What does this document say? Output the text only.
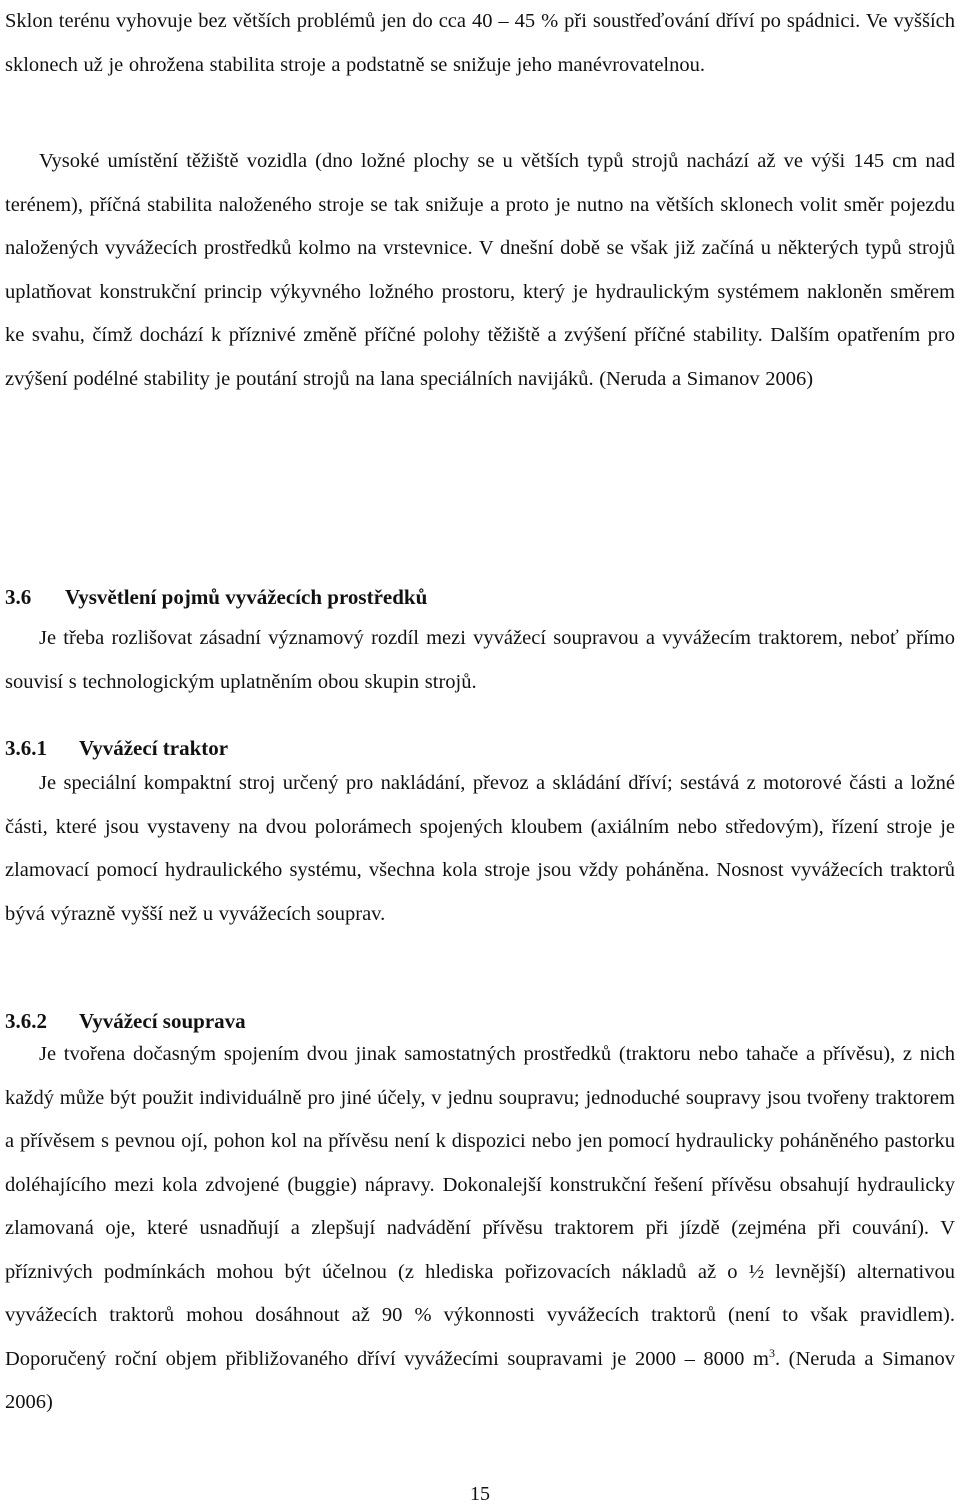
Sklon terénu vyhovuje bez větších problémů jen do cca 40 – 45 % při soustřeďování dříví po spádnici. Ve vyšších sklonech už je ohrožena stabilita stroje a podstatně se snižuje jeho manévrovatelnou.

Vysoké umístění těžiště vozidla (dno ložné plochy se u větších typů strojů nachází až ve výši 145 cm nad terénem), příčná stabilita naloženého stroje se tak snižuje a proto je nutno na větších sklonech volit směr pojezdu naložených vyvážecích prostředků kolmo na vrstevnice. V dnešní době se však již začíná u některých typů strojů uplatňovat konstrukční princip výkyvného ložného prostoru, který je hydraulickým systémem nakloněn směrem ke svahu, čímž dochází k příznivé změně příčné polohy těžiště a zvýšení příčné stability. Dalším opatřením pro zvýšení podélné stability je poutání strojů na lana speciálních navijáků. (Neruda a Simanov 2006)

3.6 Vysvětlení pojmů vyvážecích prostředků

Je třeba rozlišovat zásadní významový rozdíl mezi vyvážecí soupravou a vyvážecím traktorem, neboť přímo souvisí s technologickým uplatněním obou skupin strojů.

3.6.1 Vyvážecí traktor

Je speciální kompaktní stroj určený pro nakládání, převoz a skládání dříví; sestává z motorové části a ložné části, které jsou vystaveny na dvou polorámech spojených kloubem (axiálním nebo středovým), řízení stroje je zlamovací pomocí hydraulického systému, všechna kola stroje jsou vždy poháněna. Nosnost vyvážecích traktorů bývá výrazně vyšší než u vyvážecích souprav.

3.6.2 Vyvážecí souprava

Je tvořena dočasným spojením dvou jinak samostatných prostředků (traktoru nebo tahače a přívěsu), z nich každý může být použit individuálně pro jiné účely, v jednu soupravu; jednoduché soupravy jsou tvořeny traktorem a přívěsem s pevnou ojí, pohon kol na přívěsu není k dispozici nebo jen pomocí hydraulicky poháněného pastorku doléhajícího mezi kola zdvojené (buggie) nápravy. Dokonalejší konstrukční řešení přívěsu obsahují hydraulicky zlamovaná oje, které usnadňují a zlepšují nadvádění přívěsu traktorem při jízdě (zejména při couvání). V příznivých podmínkách mohou být účelnou (z hlediska pořizovacích nákladů až o ½ levnější) alternativou vyvážecích traktorů mohou dosáhnout až 90 % výkonnosti vyvážecích traktorů (není to však pravidlem). Doporučený roční objem přibližovaného dříví vyvážecími soupravami je 2000 – 8000 $m^3$. (Neruda a Simanov 2006)

15
